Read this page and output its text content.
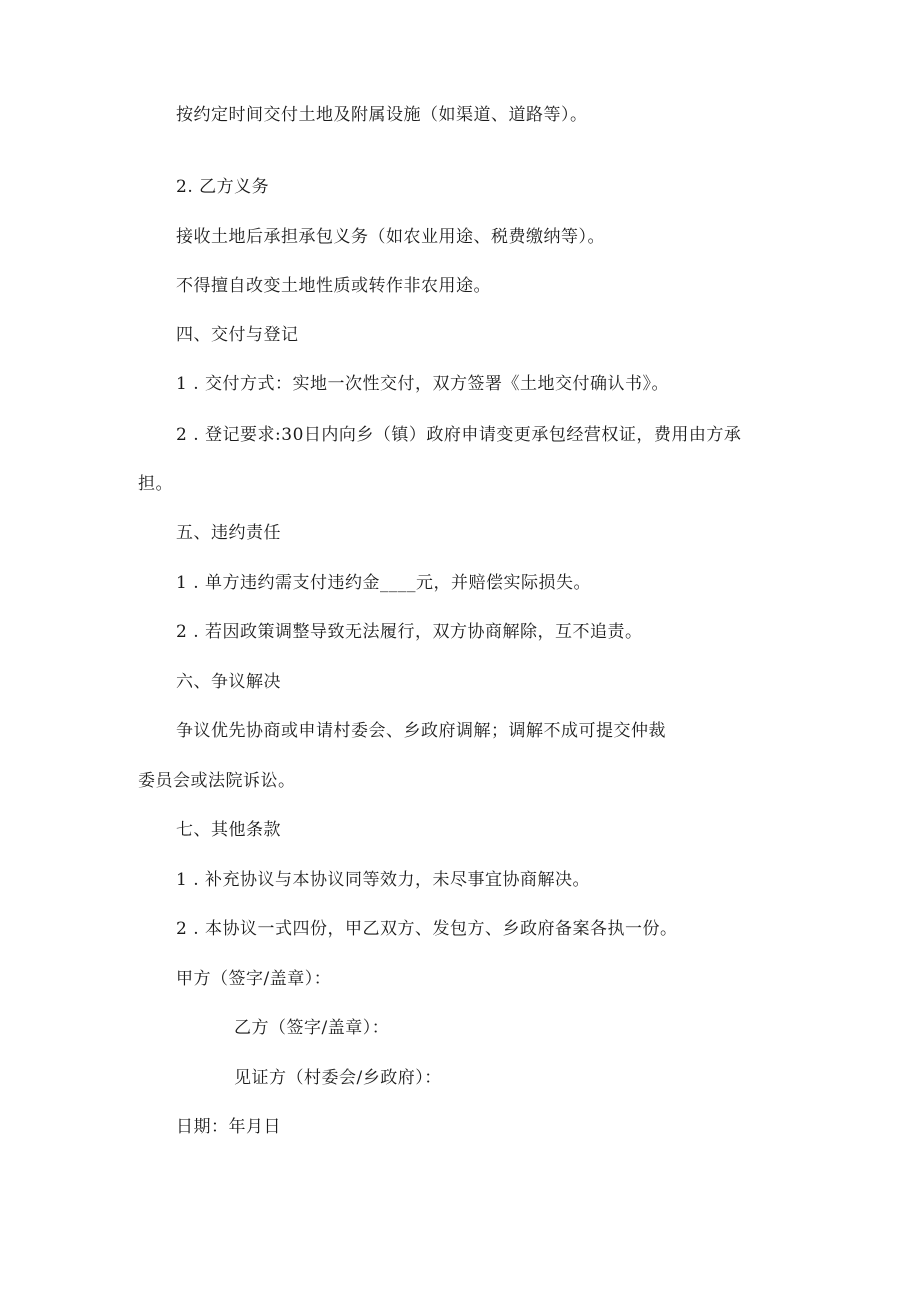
按约定时间交付土地及附属设施（如渠道、道路等）。
2. 乙方义务
接收土地后承担承包义务（如农业用途、税费缴纳等）。
不得擅自改变土地性质或转作非农用途。
四、交付与登记
1 . 交付方式：实地一次性交付，双方签署《土地交付确认书》。
2 . 登记要求:30日内向乡（镇）政府申请变更承包经营权证，费用由方承
担。
五、违约责任
1 . 单方违约需支付违约金____元，并赔偿实际损失。
2 . 若因政策调整导致无法履行，双方协商解除，互不追责。
六、争议解决
争议优先协商或申请村委会、乡政府调解；调解不成可提交仲裁
委员会或法院诉讼。
七、其他条款
1 . 补充协议与本协议同等效力，未尽事宜协商解决。
2 . 本协议一式四份，甲乙双方、发包方、乡政府备案各执一份。
甲方（签字/盖章）：
乙方（签字/盖章）：
见证方（村委会/乡政府）：
日期：年月日
